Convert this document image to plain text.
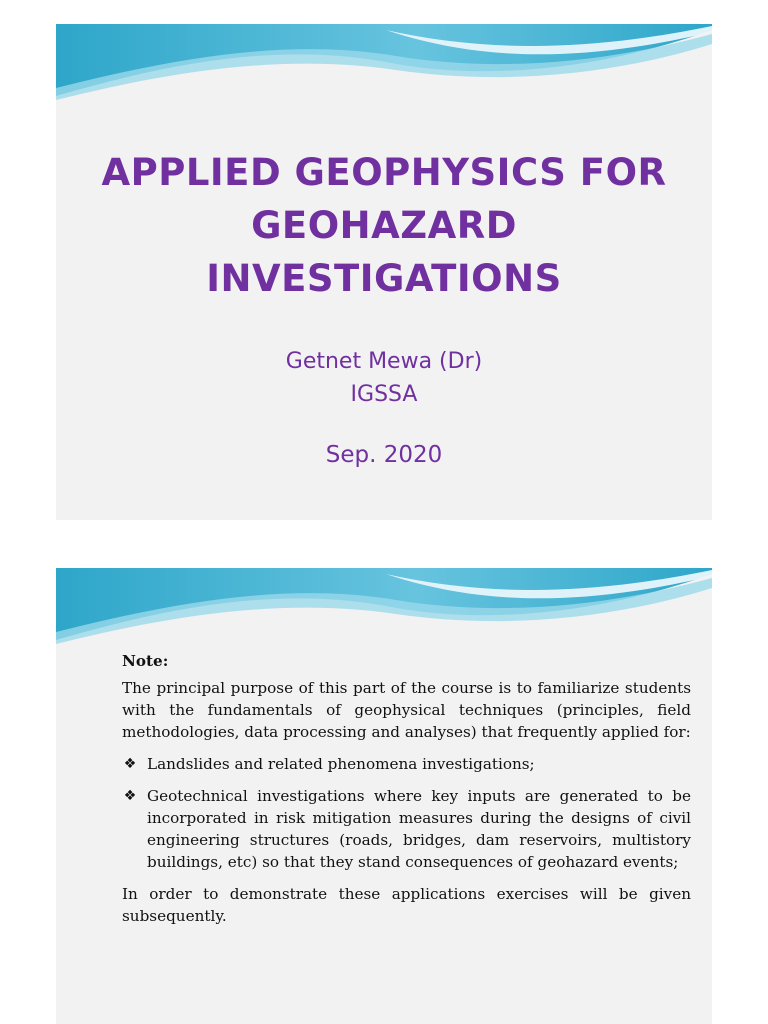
APPLIED GEOPHYSICS FOR
GEOHAZARD
INVESTIGATIONS
Getnet Mewa (Dr)
IGSSA
Sep. 2020

Note:

The principal purpose of this part of the course is to familiarize students with the fundamentals of geophysical techniques (principles, field methodologies, data processing and analyses) that frequently applied for:

❖ Landslides and related phenomena investigations;
❖ Geotechnical investigations where key inputs are generated to be incorporated in risk mitigation measures during the designs of civil engineering structures (roads, bridges, dam reservoirs, multistory buildings, etc) so that they stand consequences of geohazard events;

In order to demonstrate these applications exercises will be given subsequently.
